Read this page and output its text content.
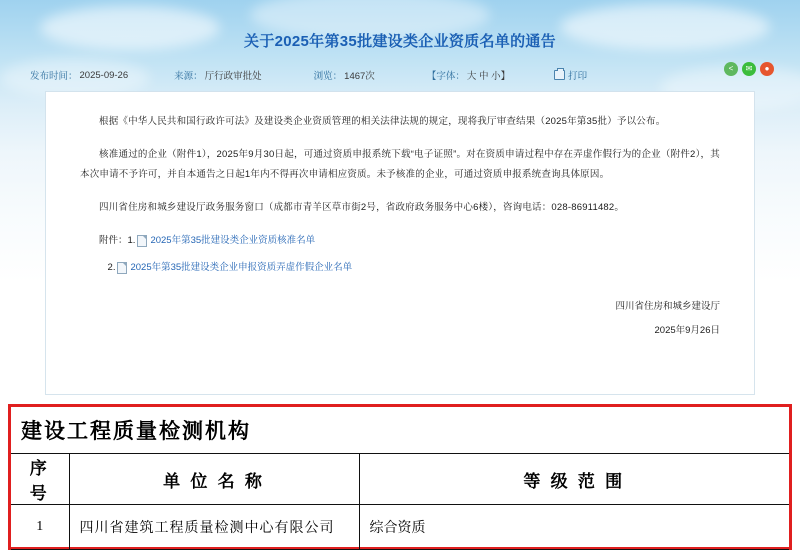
关于2025年第35批建设类企业资质名单的通告
发布时间： 2025-09-26	来源： 厅行政审批处	浏览： 1467次	【字体： 大 中 小】	打印
<	✉	●

根据《中华人民共和国行政许可法》及建设类企业资质管理的相关法律法规的规定，现将我厅审查结果（2025年第35批）予以公布。

核准通过的企业（附件1），2025年9月30日起，可通过资质申报系统下载“电子证照”。对在资质申请过程中存在弄虚作假行为的企业（附件2），其本次申请不予许可，并自本通告之日起1年内不得再次申请相应资质。未予核准的企业，可通过资质申报系统查询具体原因。

四川省住房和城乡建设厅政务服务窗口（成都市青羊区草市街2号，省政府政务服务中心6楼），咨询电话：028-86911482。

附件： 1. 2025年第35批建设类企业资质核准名单
2. 2025年第35批建设类企业申报资质弄虚作假企业名单
四川省住房和城乡建设厅
2025年9月26日
建设工程质量检测机构		
序号	单 位 名 称	等 级 范 围
1	四川省建筑工程质量检测中心有限公司	综合资质
